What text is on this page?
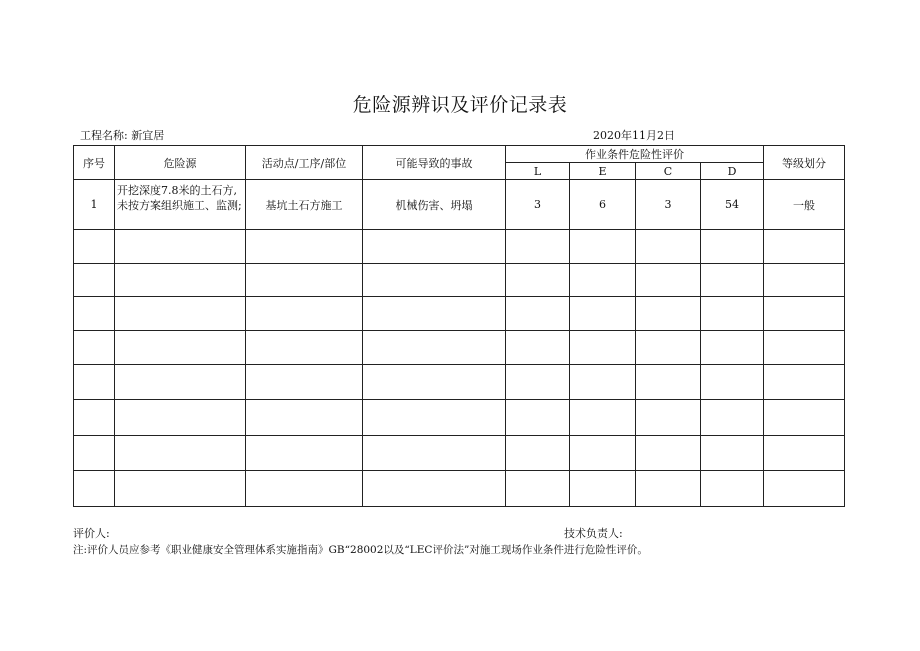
危险源辨识及评价记录表
工程名称: 新宜居	2020年11月2日
序号	危险源	活动点/工序/部位	可能导致的事故	作业条件危险性评价				等级划分
				L	E	C	D	
1	开挖深度7.8米的土石方,未按方案组织施工、监测;	基坑土石方施工	机械伤害、坍塌	3	6	3	54	一般

评价人:	技术负责人:
注:评价人员应参考《职业健康安全管理体系实施指南》GB“28002以及“LEC评价法”对施工现场作业条件进行危险性评价。
